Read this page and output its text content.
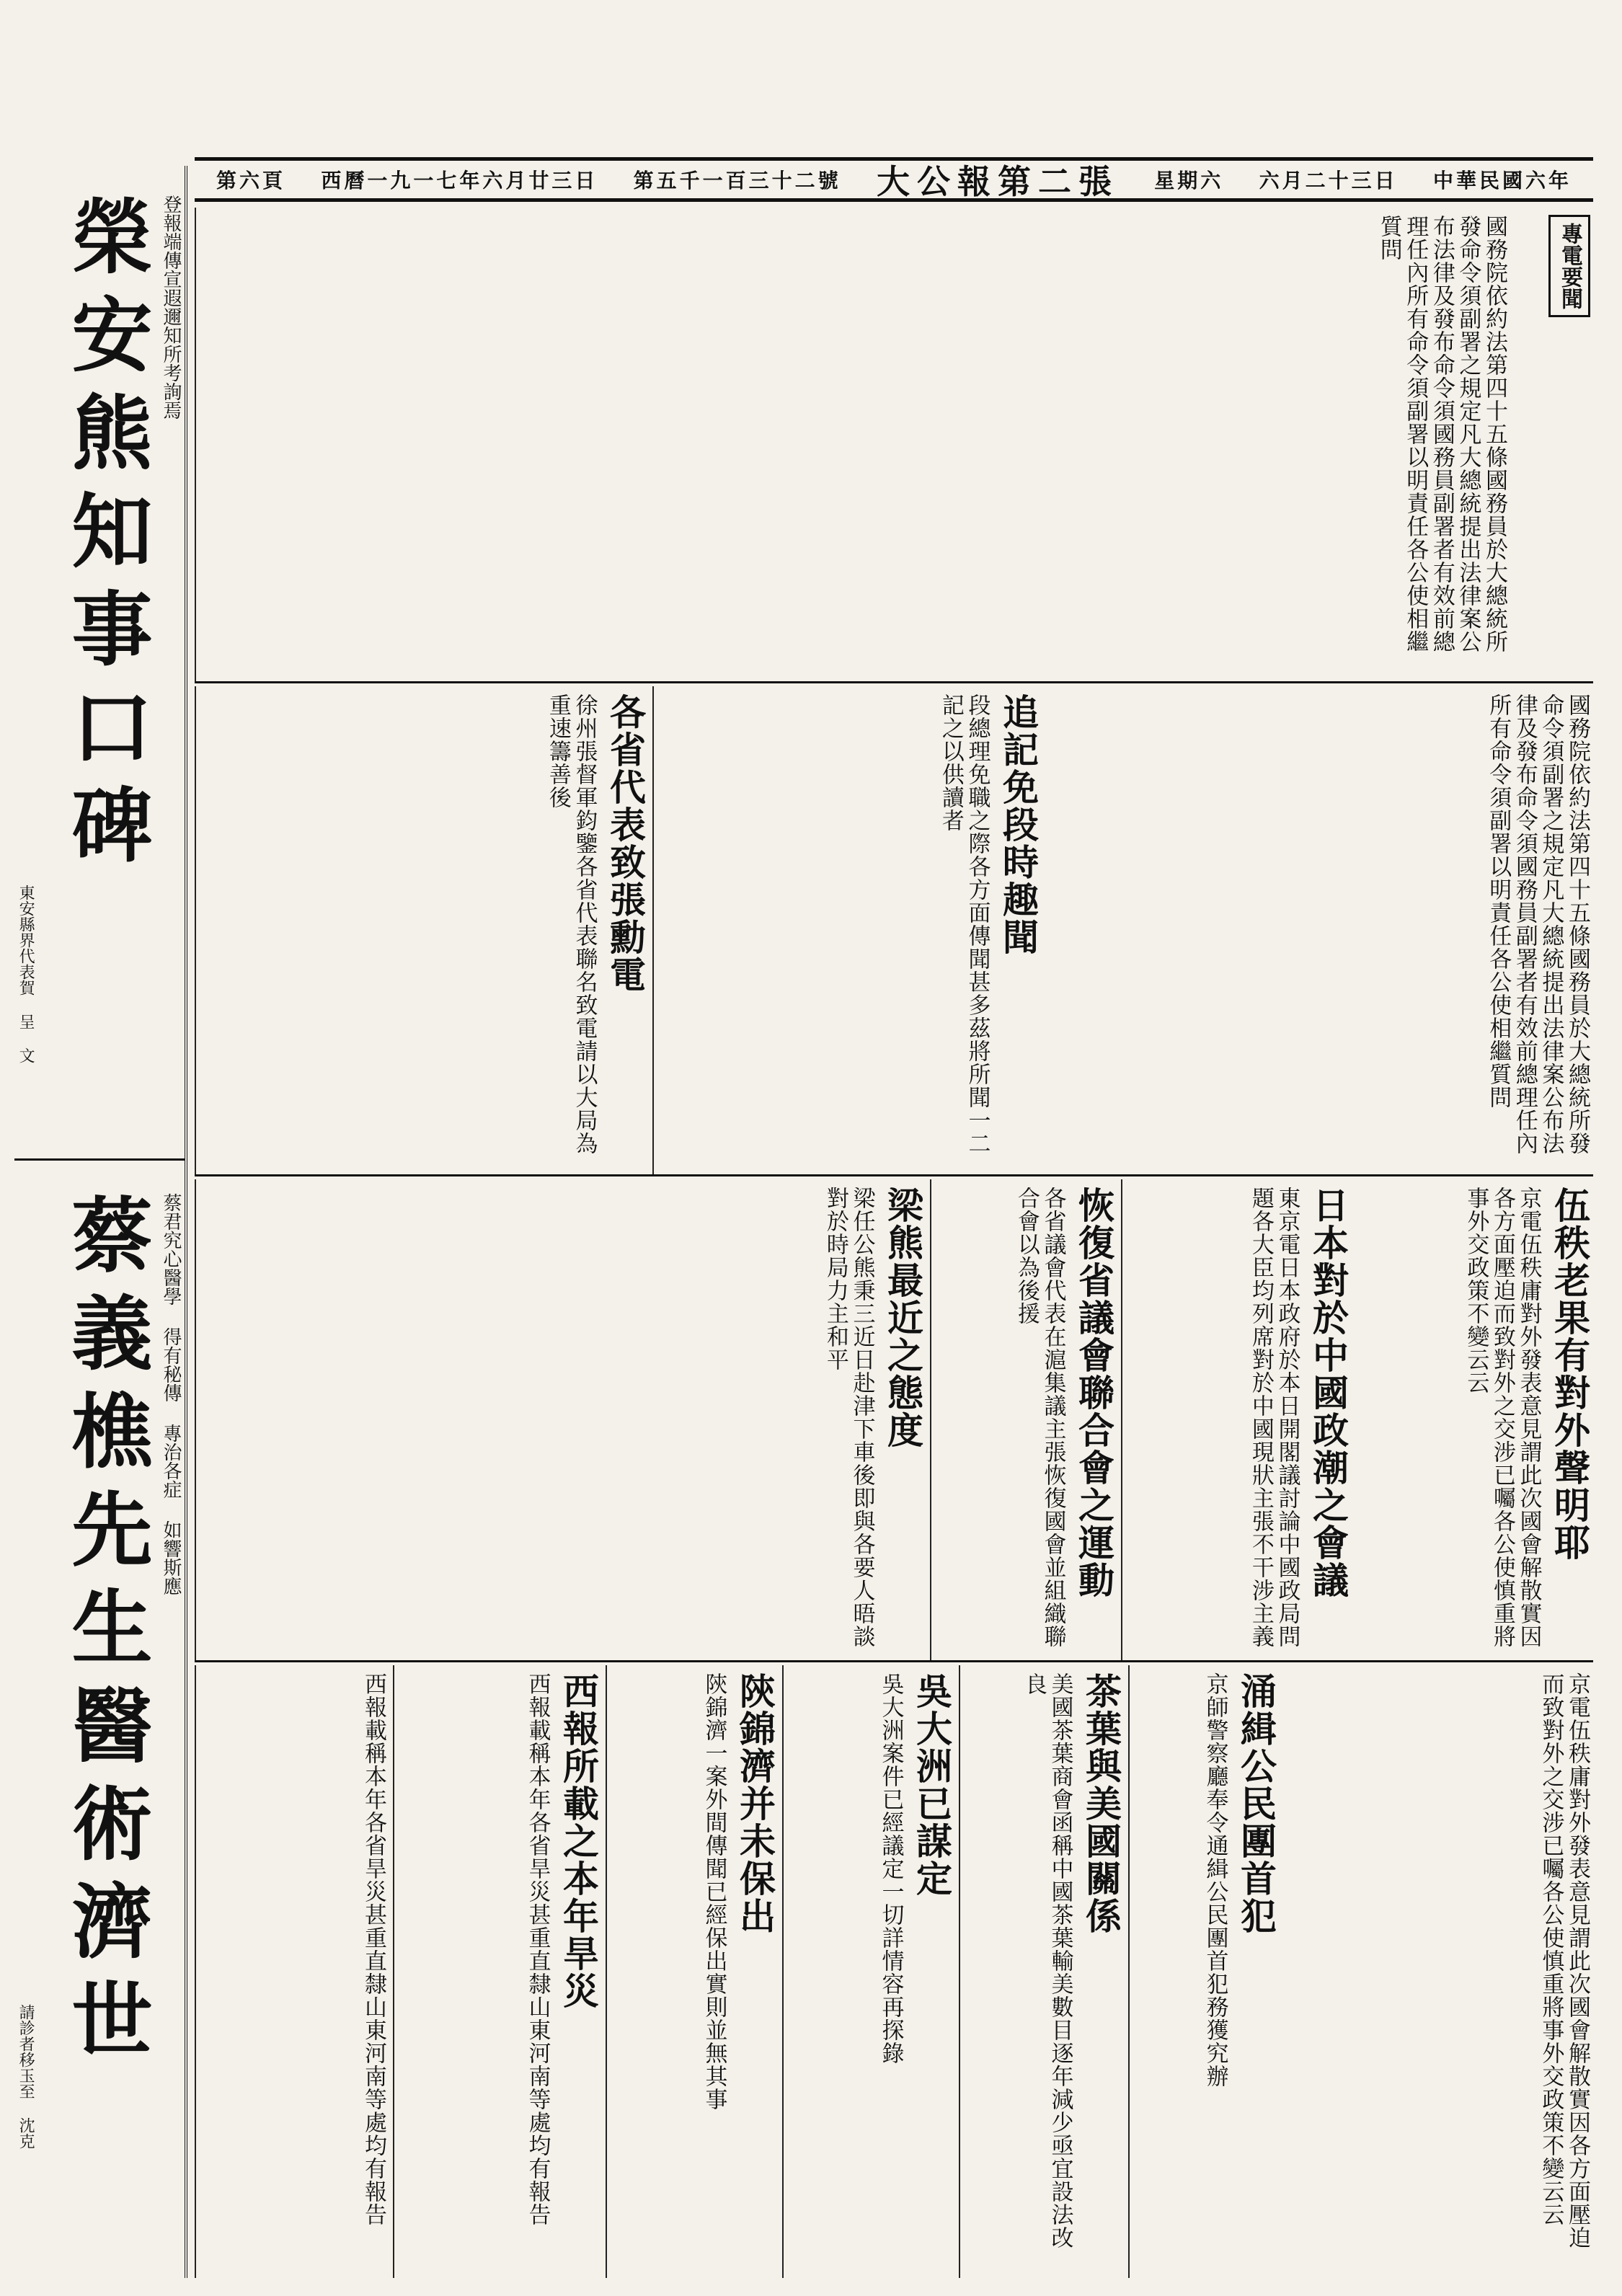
第六頁 西曆一九一七年六月廿三日 第五千一百三十二號 大公報第二張 星期六 六月二十三日 中華民國六年
榮安熊知事口碑 登報端傳宣遐邇知所考詢焉
東安縣界代表賀 呈 文
蔡義樵先生醫術濟世 蔡君究心醫學 得有秘傳 專治各症 如響斯應
請診者移玉至 沈克
專電要聞
國務院依約法第四十五條國務員於大總統所發命令須副署之規定凡大總統提出法律案公布法律及發布命令須國務員副署者有效前總理任內所有命令須副署以明責任各公使相繼質問
國務院依約法第四十五條國務員於大總統所發命令須副署之規定凡大總統提出法律案公布法律及發布命令須國務員副署者有效前總理任內所有命令須副署以明責任各公使相繼質問
追記免段時趣聞
段總理免職之際各方面傳聞甚多茲將所聞一二記之以供讀者
各省代表致張勳電
徐州張督軍鈞鑒各省代表聯名致電請以大局為重速籌善後
伍秩老果有對外聲明耶
京電伍秩庸對外發表意見謂此次國會解散實因各方面壓迫而致對外之交涉已囑各公使慎重將事外交政策不變云云
日本對於中國政潮之會議
東京電日本政府於本日開閣議討論中國政局問題各大臣均列席對於中國現狀主張不干涉主義
恢復省議會聯合會之運動
各省議會代表在滬集議主張恢復國會並組織聯合會以為後援
梁熊最近之態度
梁任公熊秉三近日赴津下車後即與各要人晤談對於時局力主和平
京電伍秩庸對外發表意見謂此次國會解散實因各方面壓迫而致對外之交涉已囑各公使慎重將事外交政策不變云云
涌緝公民團首犯
京師警察廳奉令通緝公民團首犯務獲究辦
茶葉與美國關係
美國茶葉商會函稱中國茶葉輸美數目逐年減少亟宜設法改良
吳大洲已謀定
吳大洲案件已經議定一切詳情容再探錄
陝錦濟并未保出
陝錦濟一案外間傳聞已經保出實則並無其事
西報所載之本年旱災
西報載稱本年各省旱災甚重直隸山東河南等處均有報告
西報載稱本年各省旱災甚重直隸山東河南等處均有報告
